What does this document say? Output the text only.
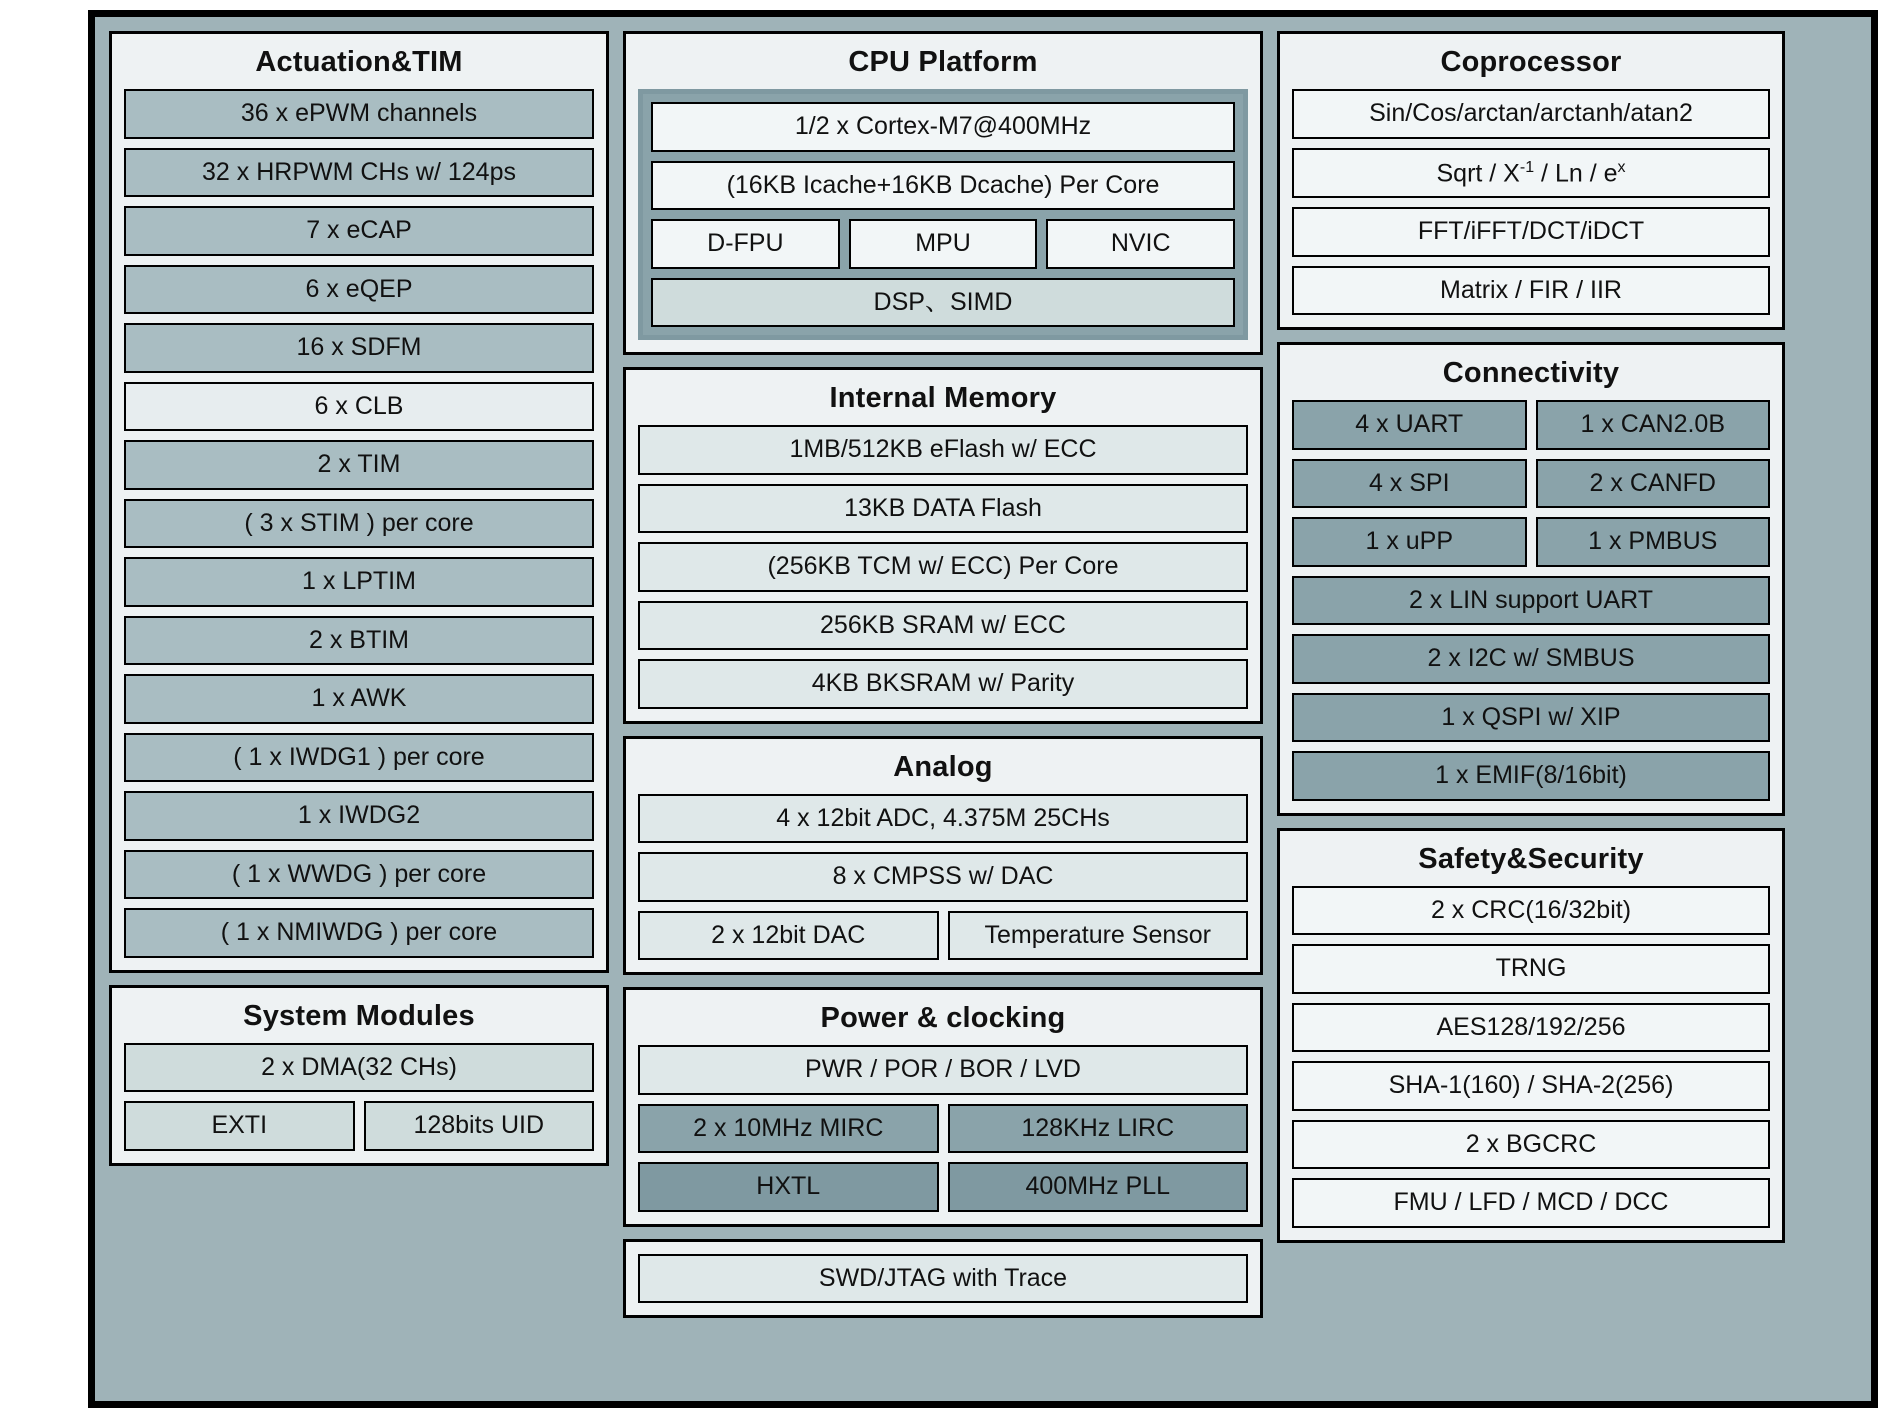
Actuation&TIM
36 x ePWM channels
32 x HRPWM CHs w/ 124ps
7 x eCAP
6 x eQEP
16 x SDFM
6 x CLB
2 x TIM
( 3 x STIM ) per core
1 x LPTIM
2 x BTIM
1 x AWK
( 1 x IWDG1 ) per core
1 x IWDG2
( 1 x WWDG ) per core
( 1 x NMIWDG ) per core
System Modules
2 x DMA(32 CHs)
EXTI	128bits UID
CPU Platform
1/2 x Cortex-M7@400MHz
(16KB Icache+16KB Dcache) Per Core
D-FPU	MPU	NVIC
DSP、SIMD
Internal Memory
1MB/512KB eFlash w/ ECC
13KB DATA Flash
(256KB TCM w/ ECC) Per Core
256KB SRAM w/ ECC
4KB BKSRAM w/ Parity
Analog
4 x 12bit ADC, 4.375M 25CHs
8 x CMPSS w/ DAC
2 x 12bit DAC	Temperature Sensor
Power & clocking
PWR / POR / BOR / LVD
2 x 10MHz MIRC	128KHz LIRC
HXTL	400MHz PLL
SWD/JTAG with Trace
Coprocessor
Sin/Cos/arctan/arctanh/atan2
Sqrt / $X^{-1}$ / Ln / $e^x$
FFT/iFFT/DCT/iDCT
Matrix / FIR / IIR
Connectivity
4 x UART	1 x CAN2.0B
4 x SPI	2 x CANFD
1 x uPP	1 x PMBUS
2 x LIN support UART
2 x I2C w/ SMBUS
1 x QSPI w/ XIP
1 x EMIF(8/16bit)
Safety&Security
2 x CRC(16/32bit)
TRNG
AES128/192/256
SHA-1(160) / SHA-2(256)
2 x BGCRC
FMU / LFD / MCD / DCC
